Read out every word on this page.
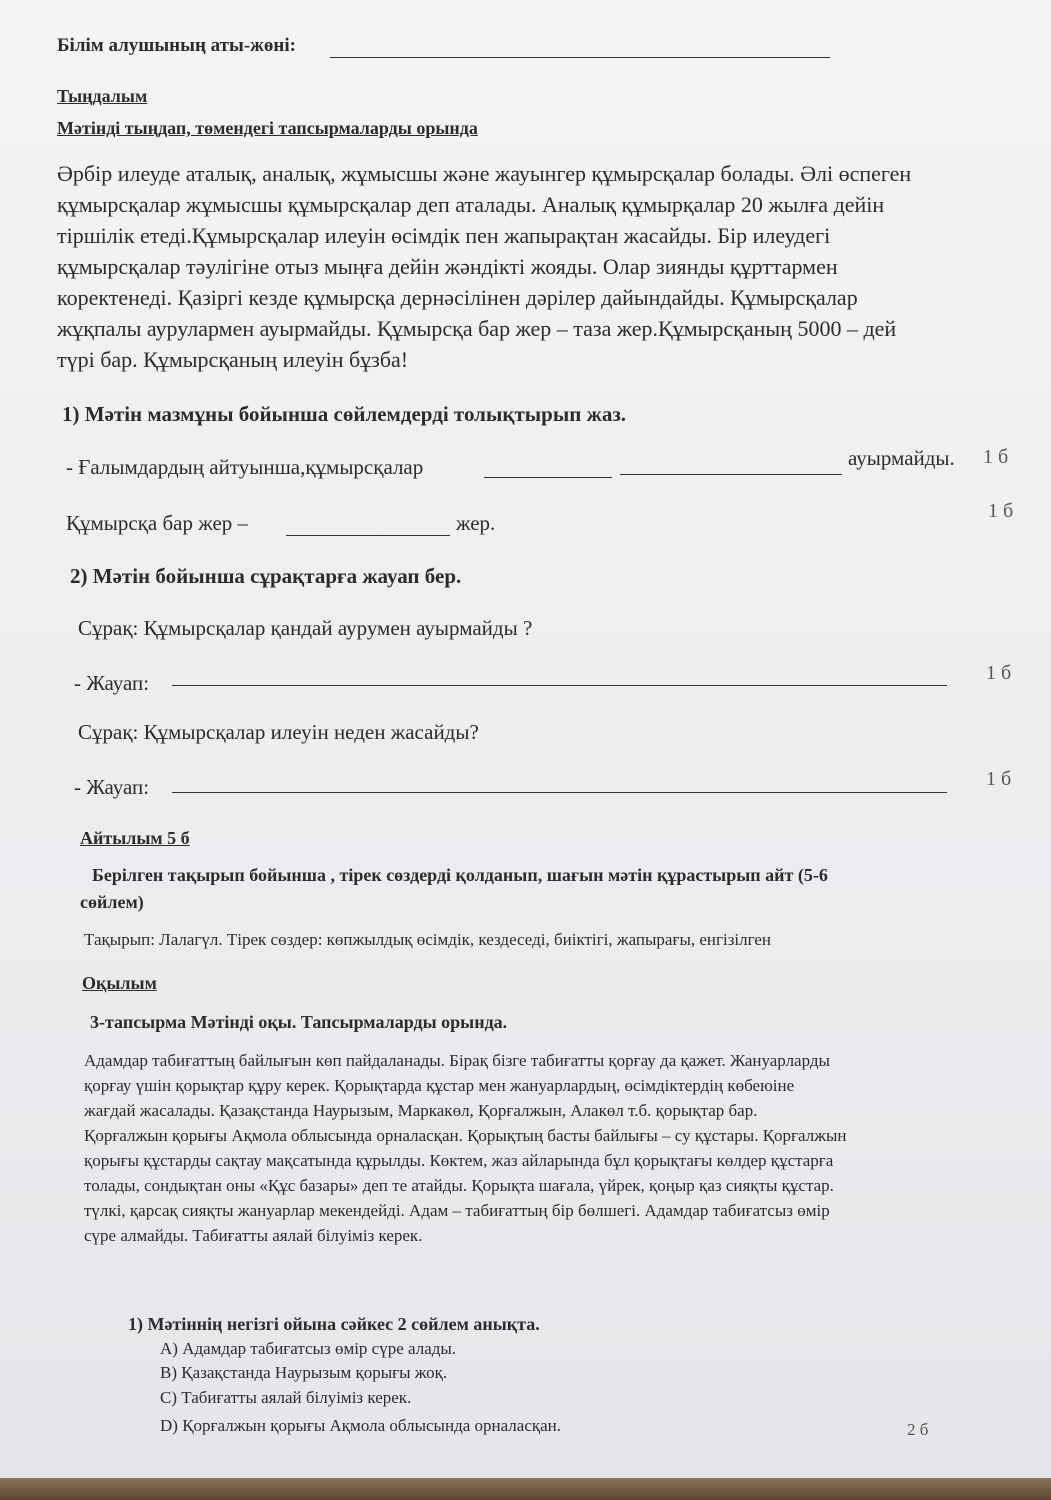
Білім алушының аты-жөні:
Тыңдалым
Мәтінді тыңдап, төмендегі тапсырмаларды орында
Әрбір илеуде аталық, аналық, жұмысшы және жауынгер құмырсқалар болады. Әлі өспеген
құмырсқалар жұмысшы құмырсқалар деп аталады. Аналық құмырқалар 20 жылға дейін
тіршілік етеді.Құмырсқалар илеуін өсімдік пен жапырақтан жасайды. Бір илеудегі
құмырсқалар тәулігіне отыз мыңға дейін жәндікті жояды. Олар зиянды құрттармен
коректенеді. Қазіргі кезде құмырсқа дернәсілінен дәрілер дайындайды. Құмырсқалар
жұқпалы аурулармен ауырмайды. Құмырсқа бар жер – таза жер.Құмырсқаның 5000 – дей
түрі бар. Құмырсқаның илеуін бұзба!
1) Мәтін мазмұны бойынша сөйлемдерді толықтырып жаз.
- Ғалымдардың айтуынша,құмырсқалар	ауырмайды. 1 б
Құмырсқа бар жер –	жер.	1 б
2) Мәтін бойынша сұрақтарға жауап бер.
Сұрақ: Құмырсқалар қандай аурумен ауырмайды ?
- Жауап:	1 б
Сұрақ: Құмырсқалар илеуін неден жасайды?
- Жауап:	1 б
Айтылым 5 б
Берілген тақырып бойынша , тірек сөздерді қолданып, шағын мәтін құрастырып айт (5-6
сөйлем)
Тақырып: Лалагүл. Тірек сөздер: көпжылдық өсімдік, кездеседі, биіктігі, жапырағы, енгізілген
Оқылым
3-тапсырма Мәтінді оқы. Тапсырмаларды орында.
Адамдар табиғаттың байлығын көп пайдаланады. Бірақ бізге табиғатты қорғау да қажет. Жануарларды
қорғау үшін қорықтар құру керек. Қорықтарда құстар мен жануарлардың, өсімдіктердің көбеюіне
жағдай жасалады. Қазақстанда Наурызым, Маркакөл, Қорғалжын, Алакөл т.б. қорықтар бар.
Қорғалжын қорығы Ақмола облысында орналасқан. Қорықтың басты байлығы – су құстары. Қорғалжын
қорығы құстарды сақтау мақсатында құрылды. Көктем, жаз айларында бұл қорықтағы көлдер құстарға
толады, сондықтан оны «Құс базары» деп те атайды. Қорықта шағала, үйрек, қоңыр қаз сияқты құстар.
түлкі, қарсақ сияқты жануарлар мекендейді. Адам – табиғаттың бір бөлшегі. Адамдар табиғатсыз өмір
сүре алмайды. Табиғатты аялай білуіміз керек.
1) Мәтіннің негізгі ойына сәйкес 2 сөйлем анықта.
A) Адамдар табиғатсыз өмір сүре алады.
B) Қазақстанда Наурызым қорығы жоқ.
C) Табиғатты аялай білуіміз керек.
D) Қорғалжын қорығы Ақмола облысында орналасқан.	2 б
